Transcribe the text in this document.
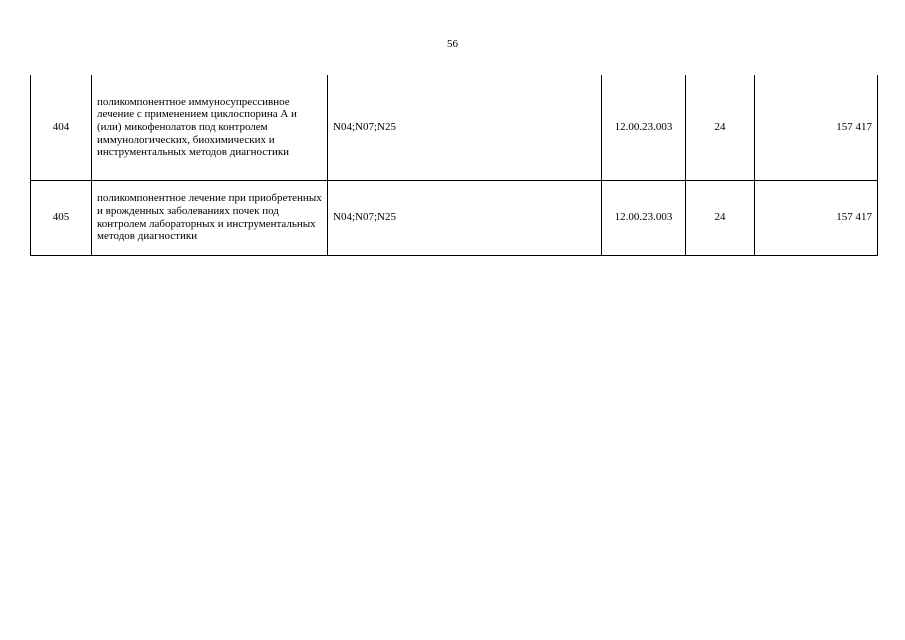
56
404	поликомпонентное иммуносупрессивное лечение с применением циклоспорина А и (или) микофенолатов под контролем иммунологических, биохимических и инструментальных методов диагностики	N04;N07;N25	12.00.23.003	24	157 417
405	поликомпонентное лечение при приобретенных и врожденных заболеваниях почек под контролем лабораторных и инструментальных методов диагностики	N04;N07;N25	12.00.23.003	24	157 417
